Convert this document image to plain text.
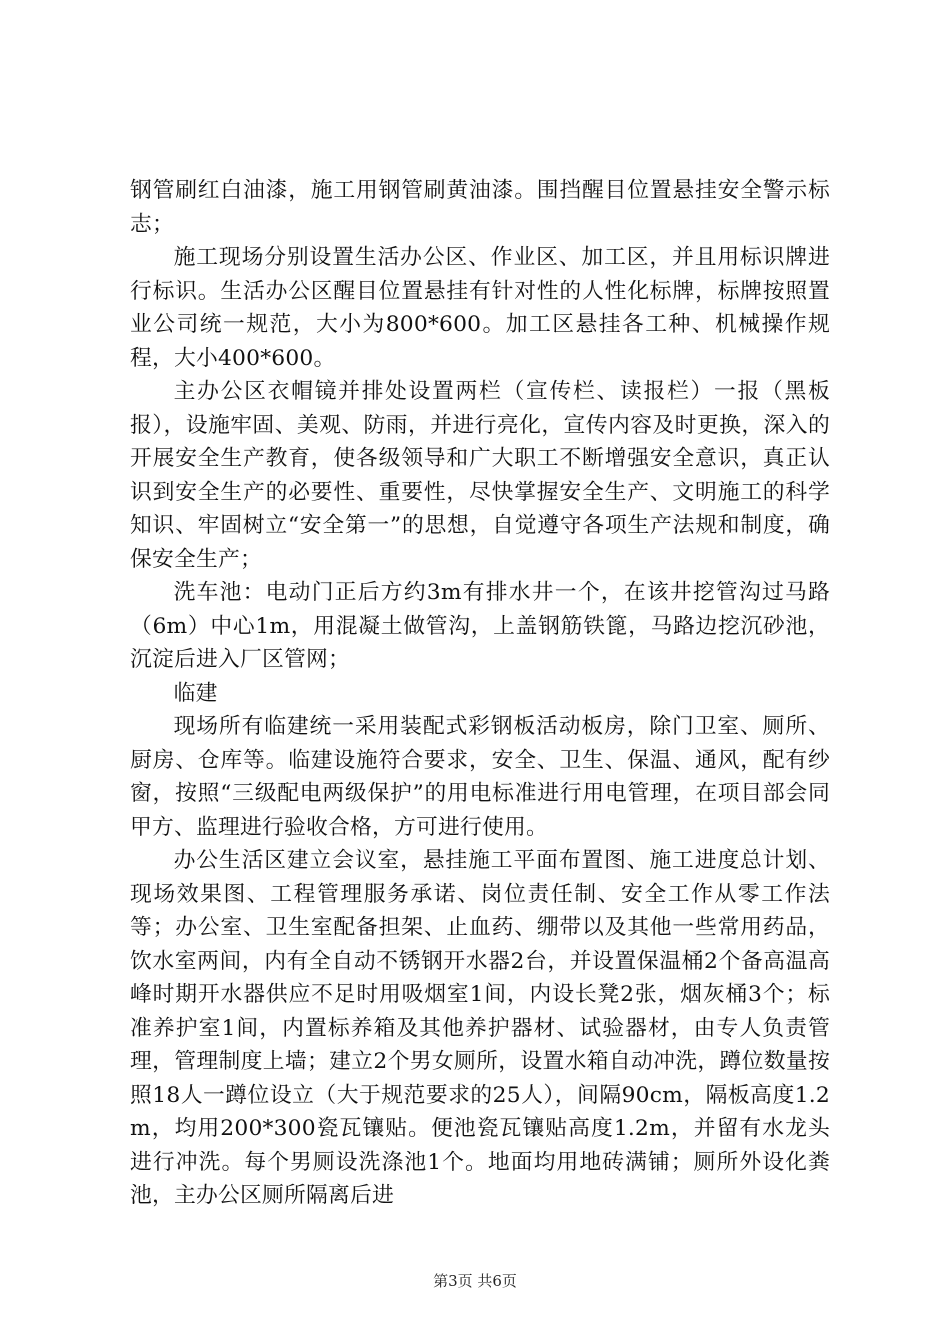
钢管刷红白油漆，施工用钢管刷黄油漆。围挡醒目位置悬挂安全警示标志；

施工现场分别设置生活办公区、作业区、加工区，并且用标识牌进行标识。生活办公区醒目位置悬挂有针对性的人性化标牌，标牌按照置业公司统一规范，大小为800*600。加工区悬挂各工种、机械操作规程，大小400*600。

主办公区衣帽镜并排处设置两栏（宣传栏、读报栏）一报（黑板报），设施牢固、美观、防雨，并进行亮化，宣传内容及时更换，深入的开展安全生产教育，使各级领导和广大职工不断增强安全意识，真正认识到安全生产的必要性、重要性，尽快掌握安全生产、文明施工的科学知识、牢固树立“安全第一”的思想，自觉遵守各项生产法规和制度，确保安全生产；

洗车池：电动门正后方约3m有排水井一个，在该井挖管沟过马路（6m）中心1m，用混凝土做管沟，上盖钢筋铁篦，马路边挖沉砂池，沉淀后进入厂区管网；

临建

现场所有临建统一采用装配式彩钢板活动板房，除门卫室、厕所、厨房、仓库等。临建设施符合要求，安全、卫生、保温、通风，配有纱窗，按照“三级配电两级保护”的用电标准进行用电管理，在项目部会同甲方、监理进行验收合格，方可进行使用。

办公生活区建立会议室，悬挂施工平面布置图、施工进度总计划、现场效果图、工程管理服务承诺、岗位责任制、安全工作从零工作法等；办公室、卫生室配备担架、止血药、绷带以及其他一些常用药品，饮水室两间，内有全自动不锈钢开水器2台，并设置保温桶2个备高温高峰时期开水器供应不足时用吸烟室1间，内设长凳2张，烟灰桶3个；标准养护室1间，内置标养箱及其他养护器材、试验器材，由专人负责管理，管理制度上墙；建立2个男女厕所，设置水箱自动冲洗，蹲位数量按照18人一蹲位设立（大于规范要求的25人），间隔90cm，隔板高度1.2m，均用200*300瓷瓦镶贴。便池瓷瓦镶贴高度1.2m，并留有水龙头进行冲洗。每个男厕设洗涤池1个。地面均用地砖满铺；厕所外设化粪池，主办公区厕所隔离后进

第3页 共6页
